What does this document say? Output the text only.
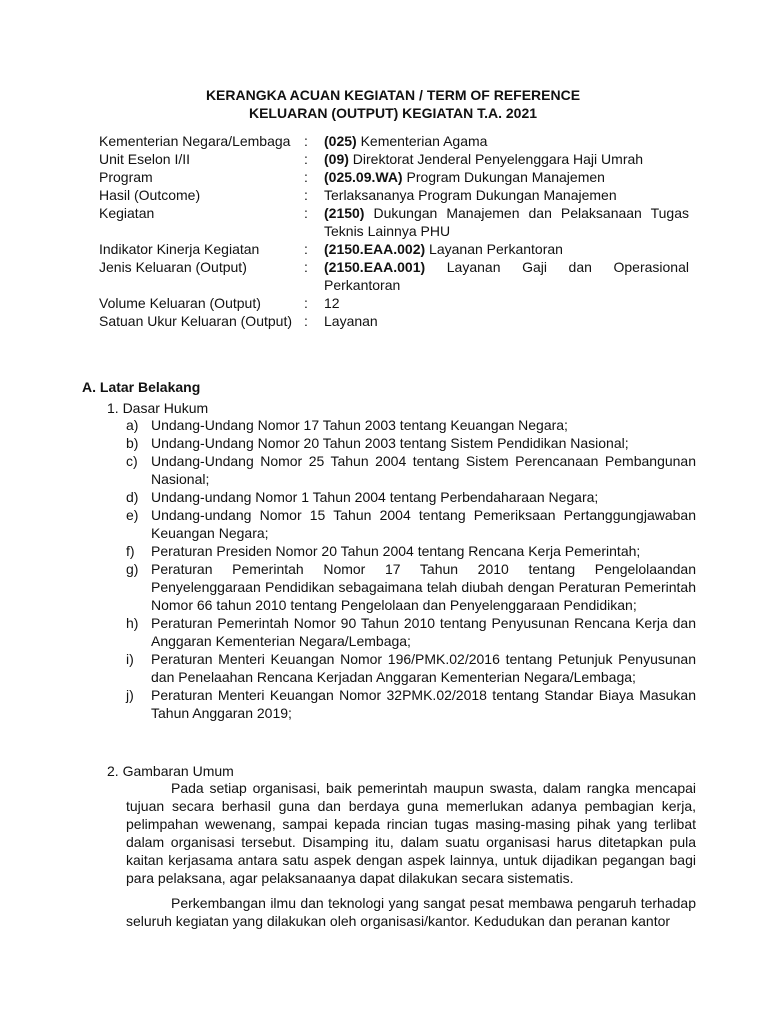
KERANGKA ACUAN KEGIATAN / TERM OF REFERENCE
KELUARAN (OUTPUT) KEGIATAN T.A. 2021
Kementerian Negara/Lembaga	:	(025) Kementerian Agama
Unit Eselon I/II	:	(09) Direktorat Jenderal Penyelenggara Haji Umrah
Program	:	(025.09.WA) Program Dukungan Manajemen
Hasil (Outcome)	:	Terlaksananya Program Dukungan Manajemen
Kegiatan	:	(2150) Dukungan Manajemen dan Pelaksanaan Tugas Teknis Lainnya PHU
Indikator Kinerja Kegiatan	:	(2150.EAA.002) Layanan Perkantoran
Jenis Keluaran (Output)	:	(2150.EAA.001) Layanan Gaji dan Operasional Perkantoran
Volume Keluaran (Output)	:	12
Satuan Ukur Keluaran (Output)	:	Layanan
A. Latar Belakang
1. Dasar Hukum
a) Undang-Undang Nomor 17 Tahun 2003 tentang Keuangan Negara;
b) Undang-Undang Nomor 20 Tahun 2003 tentang Sistem Pendidikan Nasional;
c) Undang-Undang Nomor 25 Tahun 2004 tentang Sistem Perencanaan Pembangunan Nasional;
d) Undang-undang Nomor 1 Tahun 2004 tentang Perbendaharaan Negara;
e) Undang-undang Nomor 15 Tahun 2004 tentang Pemeriksaan Pertanggungjawaban Keuangan Negara;
f)	Peraturan Presiden Nomor 20 Tahun 2004 tentang Rencana Kerja Pemerintah;
g) Peraturan Pemerintah Nomor 17 Tahun 2010 tentang Pengelolaandan Penyelenggaraan Pendidikan sebagaimana telah diubah dengan Peraturan Pemerintah Nomor 66 tahun 2010 tentang Pengelolaan dan Penyelenggaraan Pendidikan;
h) Peraturan Pemerintah Nomor 90 Tahun 2010 tentang Penyusunan Rencana Kerja dan Anggaran Kementerian Negara/Lembaga;
i)	Peraturan Menteri Keuangan Nomor 196/PMK.02/2016 tentang Petunjuk Penyusunan dan Penelaahan Rencana Kerjadan Anggaran Kementerian Negara/Lembaga;
j)	Peraturan Menteri Keuangan Nomor 32PMK.02/2018 tentang Standar Biaya Masukan Tahun Anggaran 2019;
2. Gambaran Umum

Pada setiap organisasi, baik pemerintah maupun swasta, dalam rangka mencapai tujuan secara berhasil guna dan berdaya guna memerlukan adanya pembagian kerja, pelimpahan wewenang, sampai kepada rincian tugas masing-masing pihak yang terlibat dalam organisasi tersebut. Disamping itu, dalam suatu organisasi harus ditetapkan pula kaitan kerjasama antara satu aspek dengan aspek lainnya, untuk dijadikan pegangan bagi para pelaksana, agar pelaksanaanya dapat dilakukan secara sistematis.

Perkembangan ilmu dan teknologi yang sangat pesat membawa pengaruh terhadap seluruh kegiatan yang dilakukan oleh organisasi/kantor. Kedudukan dan peranan kantor
